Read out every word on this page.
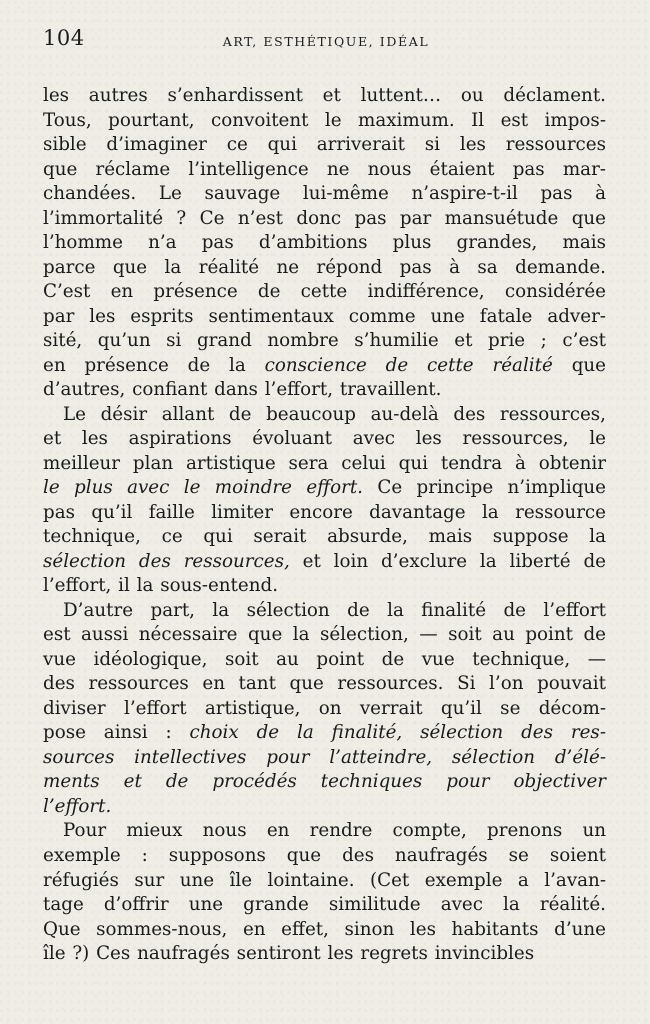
104	ART, ESTHÉTIQUE, IDÉAL
les autres s’enhardissent et luttent… ou déclament.
Tous, pourtant, convoitent le maximum. Il est impos-
sible d’imaginer ce qui arriverait si les ressources
que réclame l’intelligence ne nous étaient pas mar-
chandées. Le sauvage lui-même n’aspire-t-il pas à
l’immortalité ? Ce n’est donc pas par mansuétude que
l’homme n’a pas d’ambitions plus grandes, mais
parce que la réalité ne répond pas à sa demande.
C’est en présence de cette indifférence, considérée
par les esprits sentimentaux comme une fatale adver-
sité, qu’un si grand nombre s’humilie et prie ; c’est
en présence de la conscience de cette réalité que
d’autres, confiant dans l’effort, travaillent.
Le désir allant de beaucoup au-delà des ressources,
et les aspirations évoluant avec les ressources, le
meilleur plan artistique sera celui qui tendra à obtenir
le plus avec le moindre effort. Ce principe n’implique
pas qu’il faille limiter encore davantage la ressource
technique, ce qui serait absurde, mais suppose la
sélection des ressources, et loin d’exclure la liberté de
l’effort, il la sous-entend.
D’autre part, la sélection de la finalité de l’effort
est aussi nécessaire que la sélection, — soit au point de
vue idéologique, soit au point de vue technique, —
des ressources en tant que ressources. Si l’on pouvait
diviser l’effort artistique, on verrait qu’il se décom-
pose ainsi : choix de la finalité, sélection des res-
sources intellectives pour l’atteindre, sélection d’élé-
ments et de procédés techniques pour objectiver
l’effort.
Pour mieux nous en rendre compte, prenons un
exemple : supposons que des naufragés se soient
réfugiés sur une île lointaine. (Cet exemple a l’avan-
tage d’offrir une grande similitude avec la réalité.
Que sommes-nous, en effet, sinon les habitants d’une
île ?) Ces naufragés sentiront les regrets invincibles
